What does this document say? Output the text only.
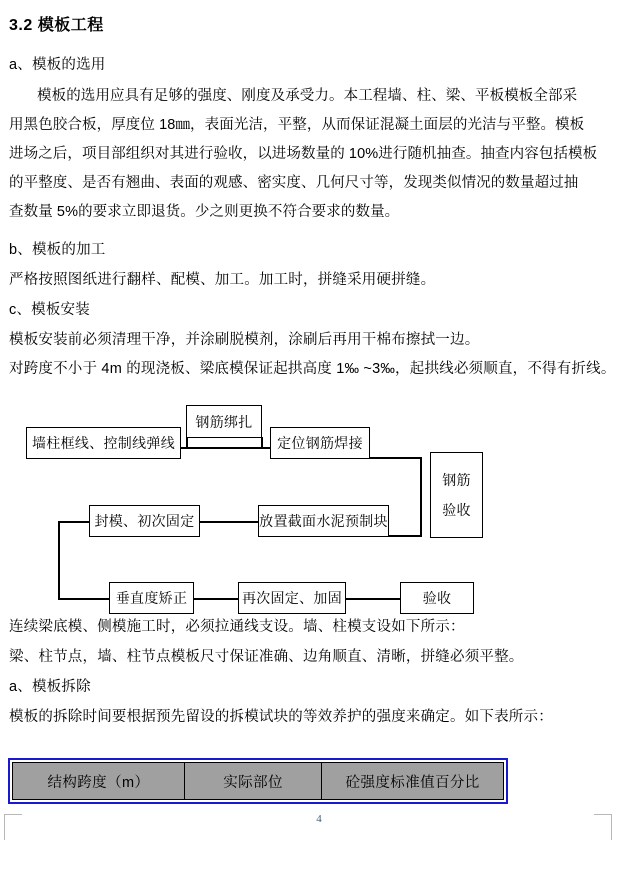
3.2 模板工程
a、模板的选用
模板的选用应具有足够的强度、刚度及承受力。本工程墙、柱、梁、平板模板全部采
用黑色胶合板，厚度位 18㎜，表面光洁，平整，从而保证混凝土面层的光洁与平整。模板
进场之后，项目部组织对其进行验收，以进场数量的 10%进行随机抽查。抽查内容包括模板
的平整度、是否有翘曲、表面的观感、密实度、几何尺寸等，发现类似情况的数量超过抽
查数量 5%的要求立即退货。少之则更换不符合要求的数量。
b、模板的加工
严格按照图纸进行翻样、配模、加工。加工时，拼缝采用硬拼缝。
c、模板安装
模板安装前必须清理干净，并涂刷脱模剂，涂刷后再用干棉布擦拭一边。
对跨度不小于 4m 的现浇板、梁底模保证起拱高度 1‰ ~3‰，起拱线必须顺直，不得有折线。
墙柱框线、控制线弹线
钢筋绑扎
定位钢筋焊接
钢筋
验收
封模、初次固定	放置截面水泥预制块
垂直度矫正	再次固定、加固	验收
连续梁底模、侧模施工时，必须拉通线支设。墙、柱模支设如下所示：
梁、柱节点，墙、柱节点模板尺寸保证准确、边角顺直、清晰，拼缝必须平整。
a、模板拆除
模板的拆除时间要根据预先留设的拆模试块的等效养护的强度来确定。如下表所示：
结构跨度（m）	实际部位	砼强度标准值百分比
4
